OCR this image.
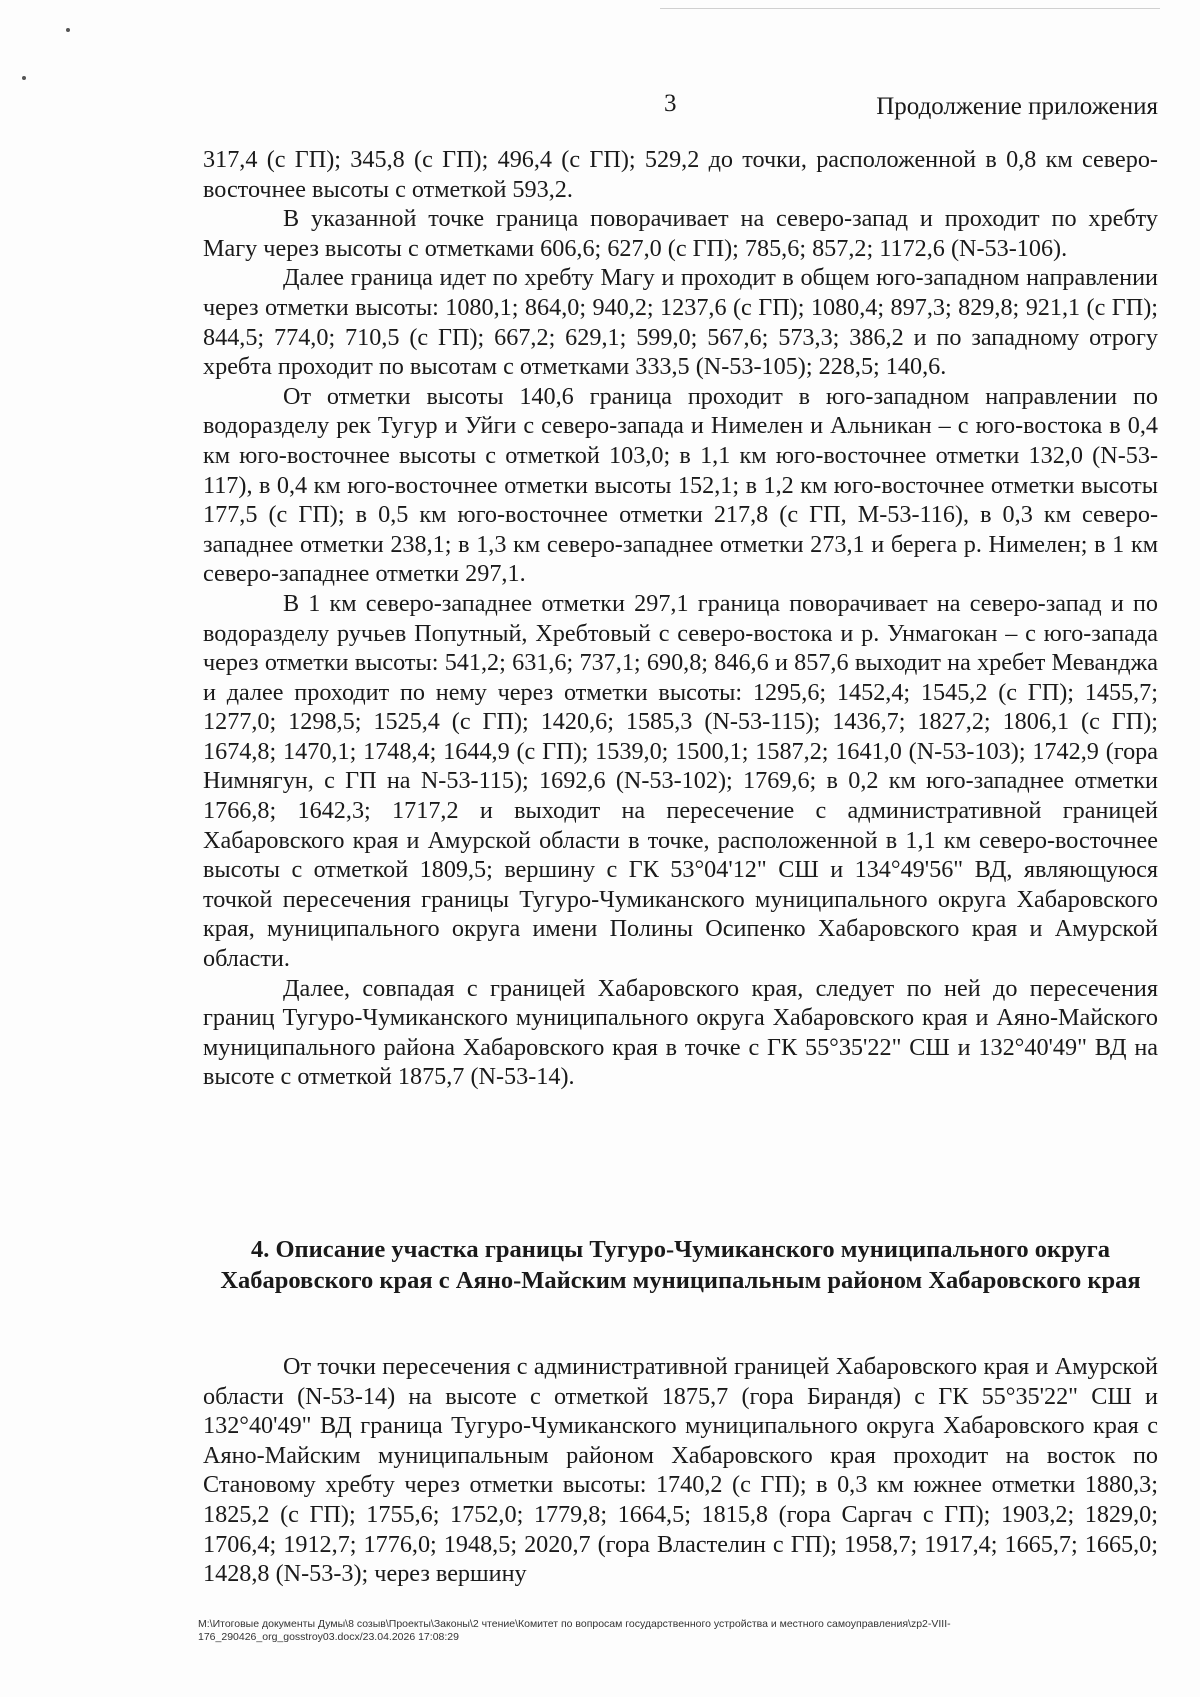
3	Продолжение приложения

317,4 (с ГП); 345,8 (с ГП); 496,4 (с ГП); 529,2 до точки, расположенной в 0,8 км северо-восточнее высоты с отметкой 593,2.

В указанной точке граница поворачивает на северо-запад и проходит по хребту Магу через высоты с отметками 606,6; 627,0 (с ГП); 785,6; 857,2; 1172,6 (N-53-106).

Далее граница идет по хребту Магу и проходит в общем юго-западном направлении через отметки высоты: 1080,1; 864,0; 940,2; 1237,6 (с ГП); 1080,4; 897,3; 829,8; 921,1 (с ГП); 844,5; 774,0; 710,5 (с ГП); 667,2; 629,1; 599,0; 567,6; 573,3; 386,2 и по западному отрогу хребта проходит по высотам с отметками 333,5 (N-53-105); 228,5; 140,6.

От отметки высоты 140,6 граница проходит в юго-западном направлении по водоразделу рек Тугур и Уйги с северо-запада и Нимелен и Альникан – с юго-востока в 0,4 км юго-восточнее высоты с отметкой 103,0; в 1,1 км юго-восточнее отметки 132,0 (N-53-117), в 0,4 км юго-восточнее отметки высоты 152,1; в 1,2 км юго-восточнее отметки высоты 177,5 (с ГП); в 0,5 км юго-восточнее отметки 217,8 (с ГП, М-53-116), в 0,3 км северо-западнее отметки 238,1; в 1,3 км северо-западнее отметки 273,1 и берега р. Нимелен; в 1 км северо-западнее отметки 297,1.

В 1 км северо-западнее отметки 297,1 граница поворачивает на северо-запад и по водоразделу ручьев Попутный, Хребтовый с северо-востока и р. Унмагокан – с юго-запада через отметки высоты: 541,2; 631,6; 737,1; 690,8; 846,6 и 857,6 выходит на хребет Меванджа и далее проходит по нему через отметки высоты: 1295,6; 1452,4; 1545,2 (с ГП); 1455,7; 1277,0; 1298,5; 1525,4 (с ГП); 1420,6; 1585,3 (N-53-115); 1436,7; 1827,2; 1806,1 (с ГП); 1674,8; 1470,1; 1748,4; 1644,9 (с ГП); 1539,0; 1500,1; 1587,2; 1641,0 (N-53-103); 1742,9 (гора Нимнягун, с ГП на N-53-115); 1692,6 (N-53-102); 1769,6; в 0,2 км юго-западнее отметки 1766,8; 1642,3; 1717,2 и выходит на пересечение с административной границей Хабаровского края и Амурской области в точке, расположенной в 1,1 км северо-восточнее высоты с отметкой 1809,5; вершину с ГК 53°04'12" СШ и 134°49'56" ВД, являющуюся точкой пересечения границы Тугуро-Чумиканского муниципального округа Хабаровского края, муниципального округа имени Полины Осипенко Хабаровского края и Амурской области.

Далее, совпадая с границей Хабаровского края, следует по ней до пересечения границ Тугуро-Чумиканского муниципального округа Хабаровского края и Аяно-Майского муниципального района Хабаровского края в точке с ГК 55°35'22" СШ и 132°40'49" ВД на высоте с отметкой 1875,7 (N-53-14).

4. Описание участка границы Тугуро-Чумиканского муниципального округа Хабаровского края с Аяно-Майским муниципальным районом Хабаровского края

От точки пересечения с административной границей Хабаровского края и Амурской области (N-53-14) на высоте с отметкой 1875,7 (гора Бирандя) с ГК 55°35'22" СШ и 132°40'49" ВД граница Тугуро-Чумиканского муниципального округа Хабаровского края с Аяно-Майским муниципальным районом Хабаровского края проходит на восток по Становому хребту через отметки высоты: 1740,2 (с ГП); в 0,3 км южнее отметки 1880,3; 1825,2 (с ГП); 1755,6; 1752,0; 1779,8; 1664,5; 1815,8 (гора Саргач с ГП); 1903,2; 1829,0; 1706,4; 1912,7; 1776,0; 1948,5; 2020,7 (гора Властелин с ГП); 1958,7; 1917,4; 1665,7; 1665,0; 1428,8 (N-53-3); через вершину

M:\Итоговые документы Думы\8 созыв\Проекты\Законы\2 чтение\Комитет по вопросам государственного устройства и местного самоуправления\zp2-VIII-176_290426_org_gosstroy03.docx/23.04.2026 17:08:29
